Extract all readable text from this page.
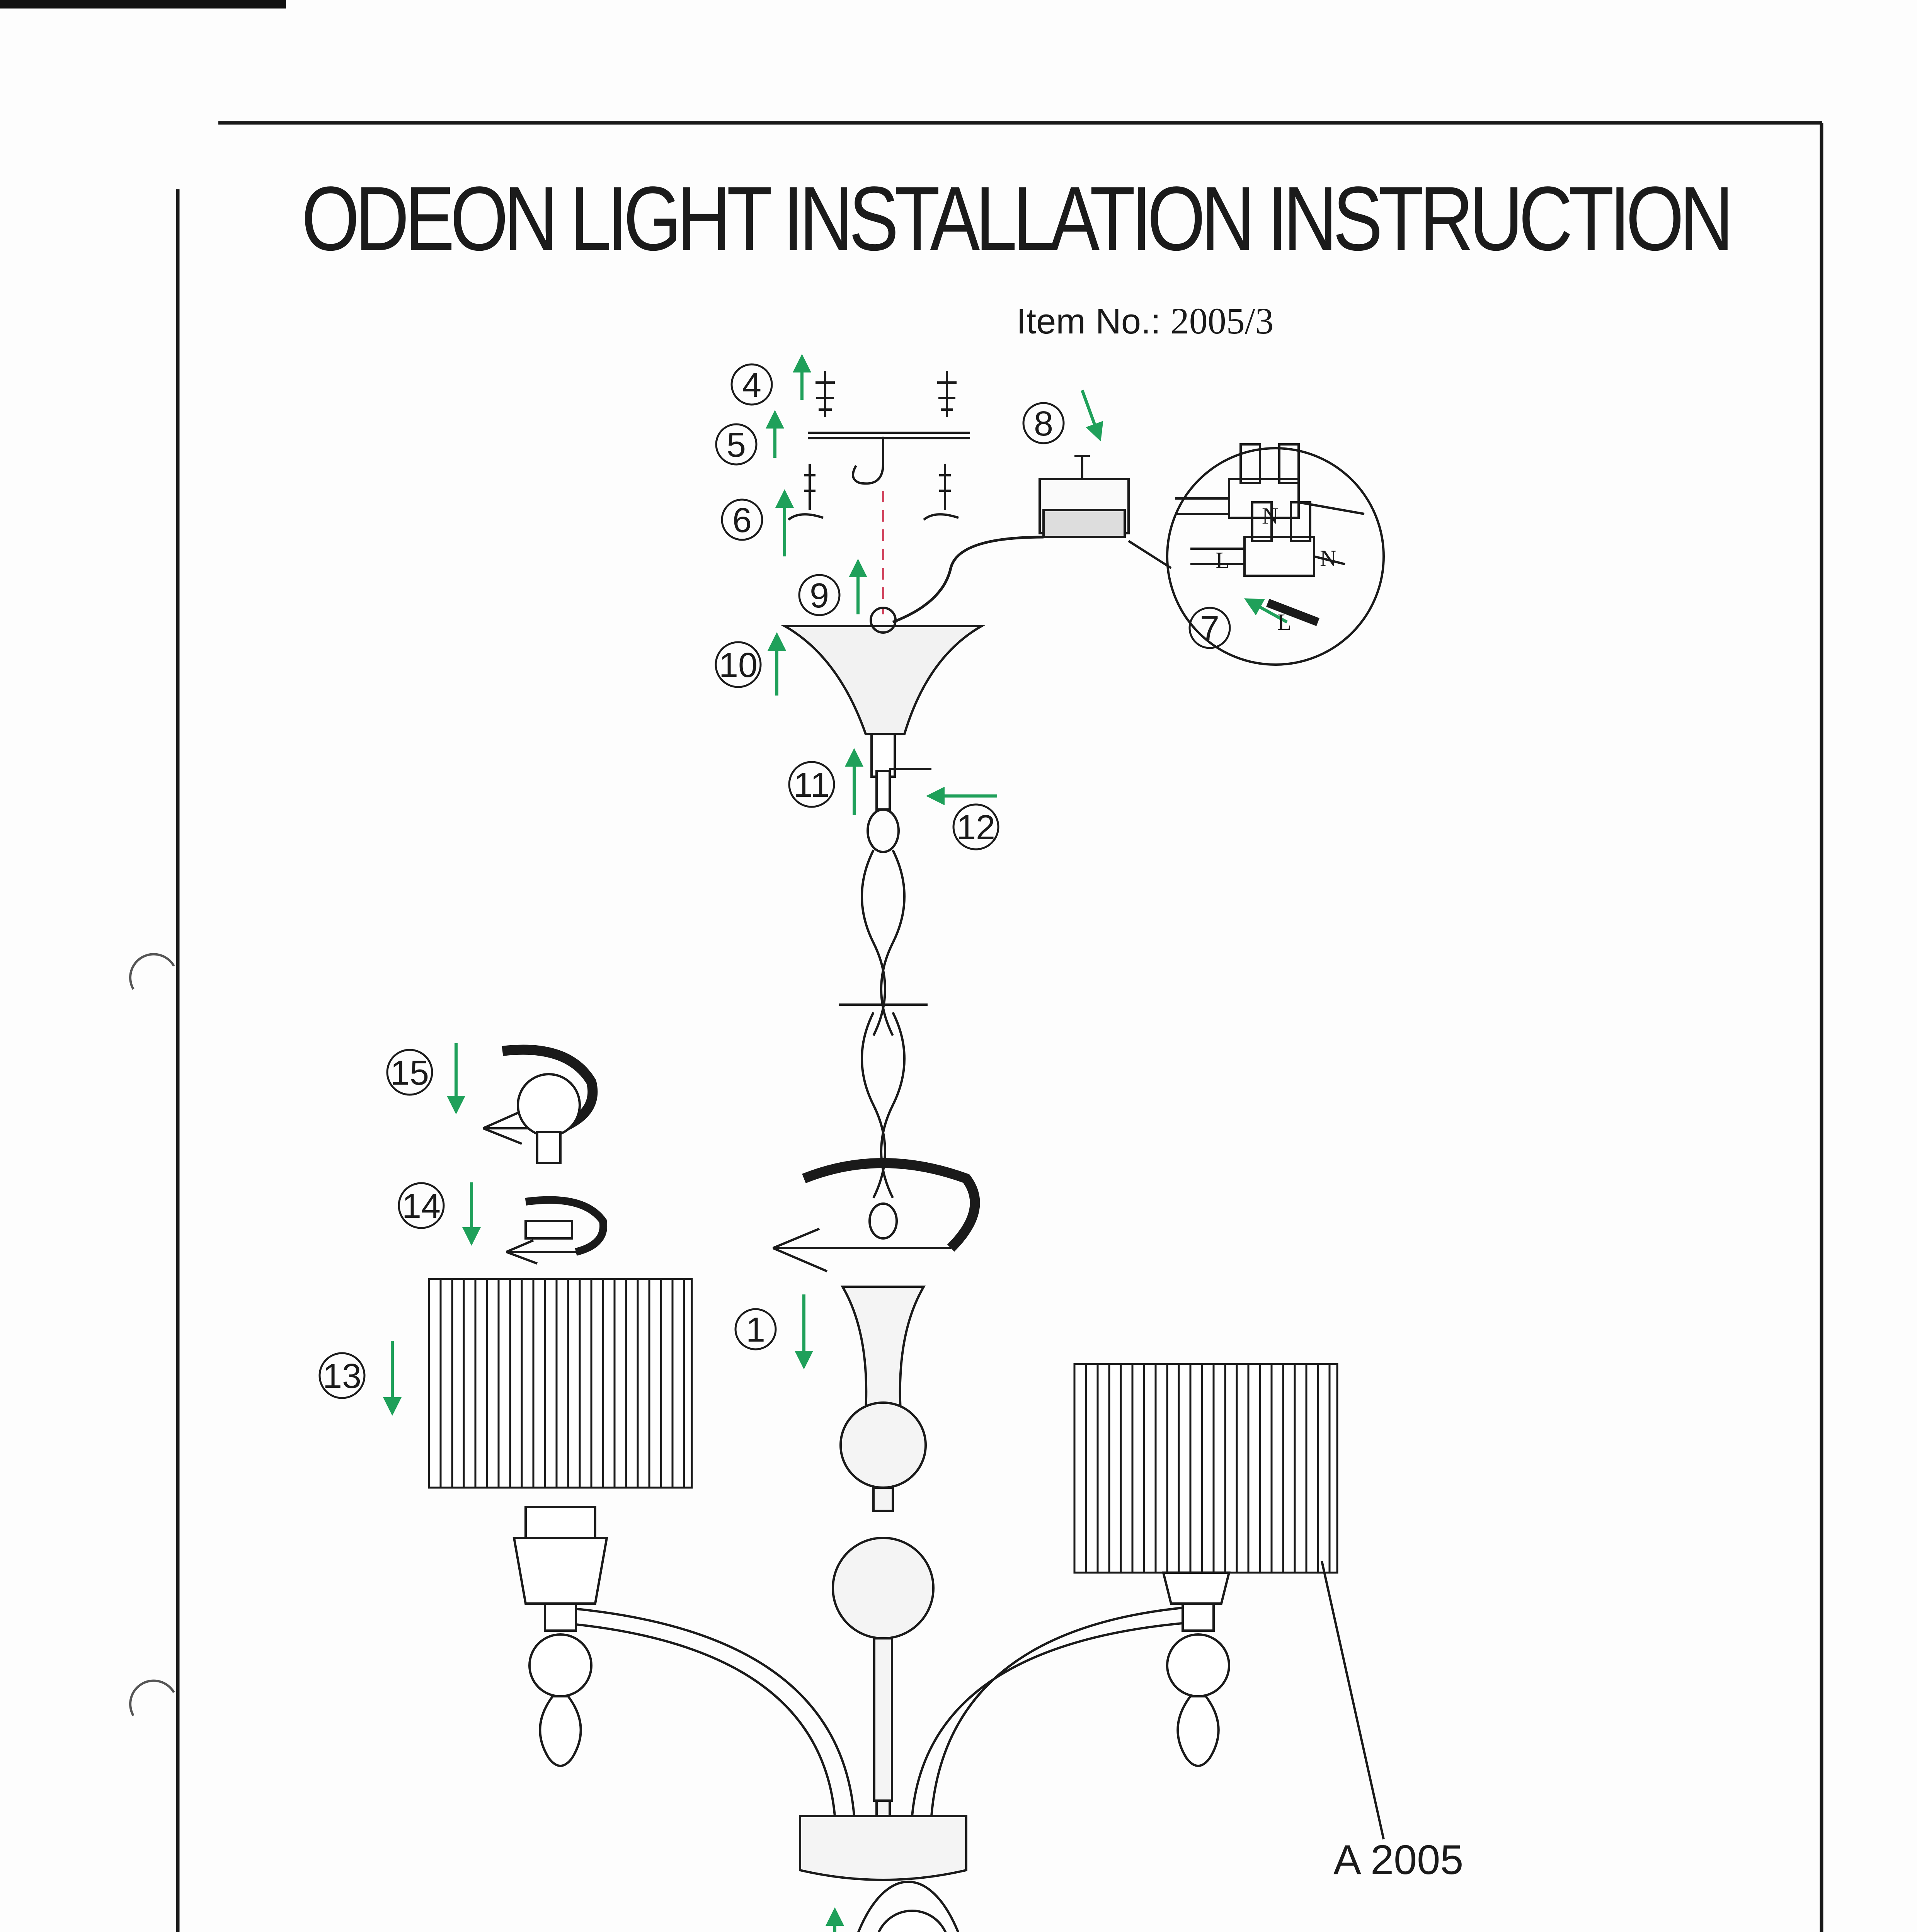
4
5
6
8
7
9
10
11
12
15
14
1
13
N
N
L
L
ODEON LIGHT INSTALLATION INSTRUCTION
Item No.: 2005/3
A 2005
